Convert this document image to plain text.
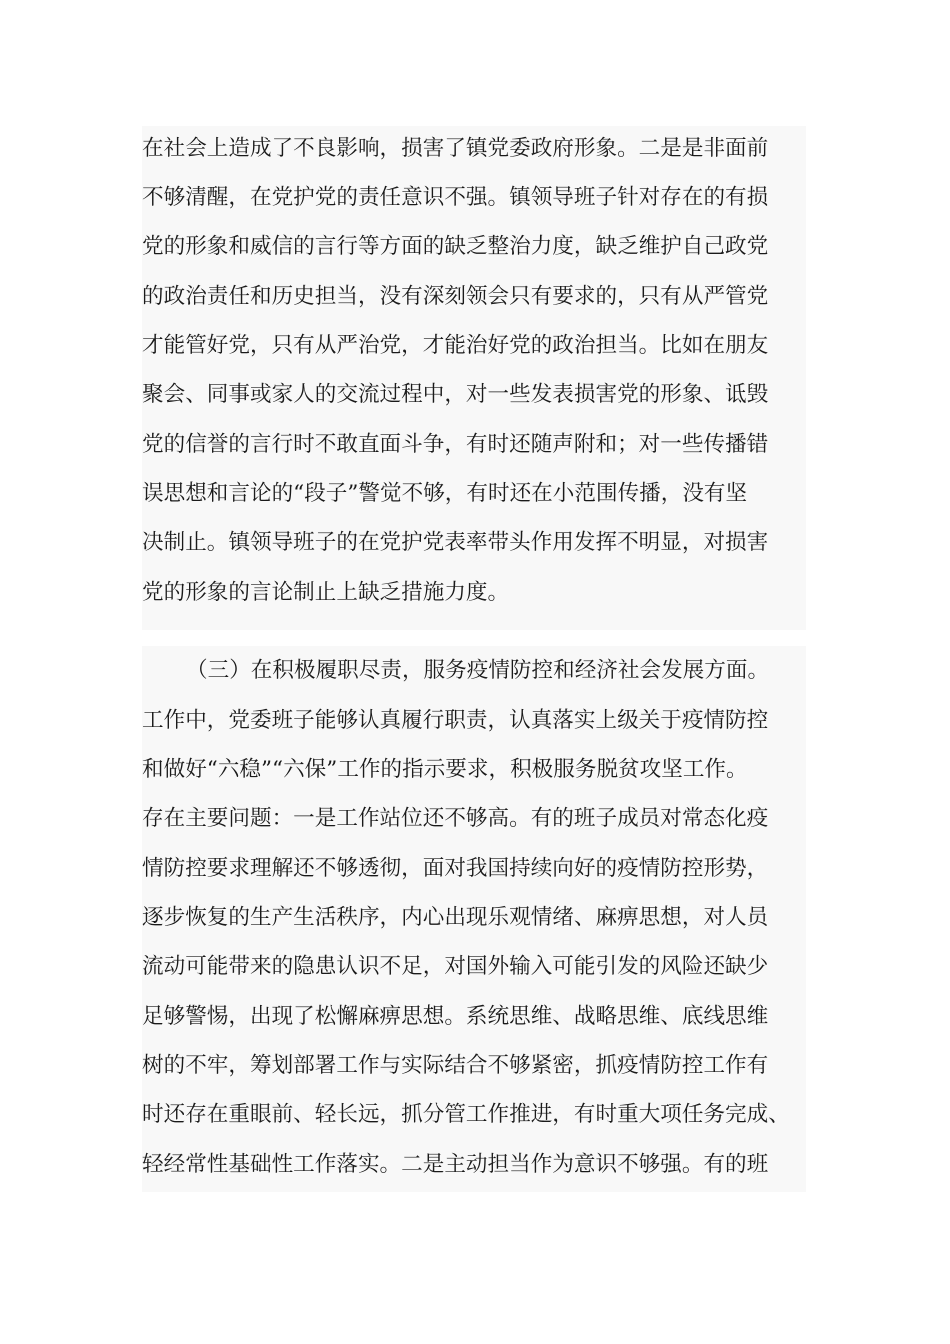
在社会上造成了不良影响，损害了镇党委政府形象。二是是非面前
不够清醒，在党护党的责任意识不强。镇领导班子针对存在的有损
党的形象和威信的言行等方面的缺乏整治力度，缺乏维护自己政党
的政治责任和历史担当，没有深刻领会只有要求的，只有从严管党
才能管好党，只有从严治党，才能治好党的政治担当。比如在朋友
聚会、同事或家人的交流过程中，对一些发表损害党的形象、诋毁
党的信誉的言行时不敢直面斗争，有时还随声附和；对一些传播错
误思想和言论的“段子”警觉不够，有时还在小范围传播，没有坚
决制止。镇领导班子的在党护党表率带头作用发挥不明显，对损害
党的形象的言论制止上缺乏措施力度。
（三）在积极履职尽责，服务疫情防控和经济社会发展方面。
工作中，党委班子能够认真履行职责，认真落实上级关于疫情防控
和做好“六稳”“六保”工作的指示要求，积极服务脱贫攻坚工作。
存在主要问题：一是工作站位还不够高。有的班子成员对常态化疫
情防控要求理解还不够透彻，面对我国持续向好的疫情防控形势，
逐步恢复的生产生活秩序，内心出现乐观情绪、麻痹思想，对人员
流动可能带来的隐患认识不足，对国外输入可能引发的风险还缺少
足够警惕，出现了松懈麻痹思想。系统思维、战略思维、底线思维
树的不牢，筹划部署工作与实际结合不够紧密，抓疫情防控工作有
时还存在重眼前、轻长远，抓分管工作推进，有时重大项任务完成、
轻经常性基础性工作落实。二是主动担当作为意识不够强。有的班
